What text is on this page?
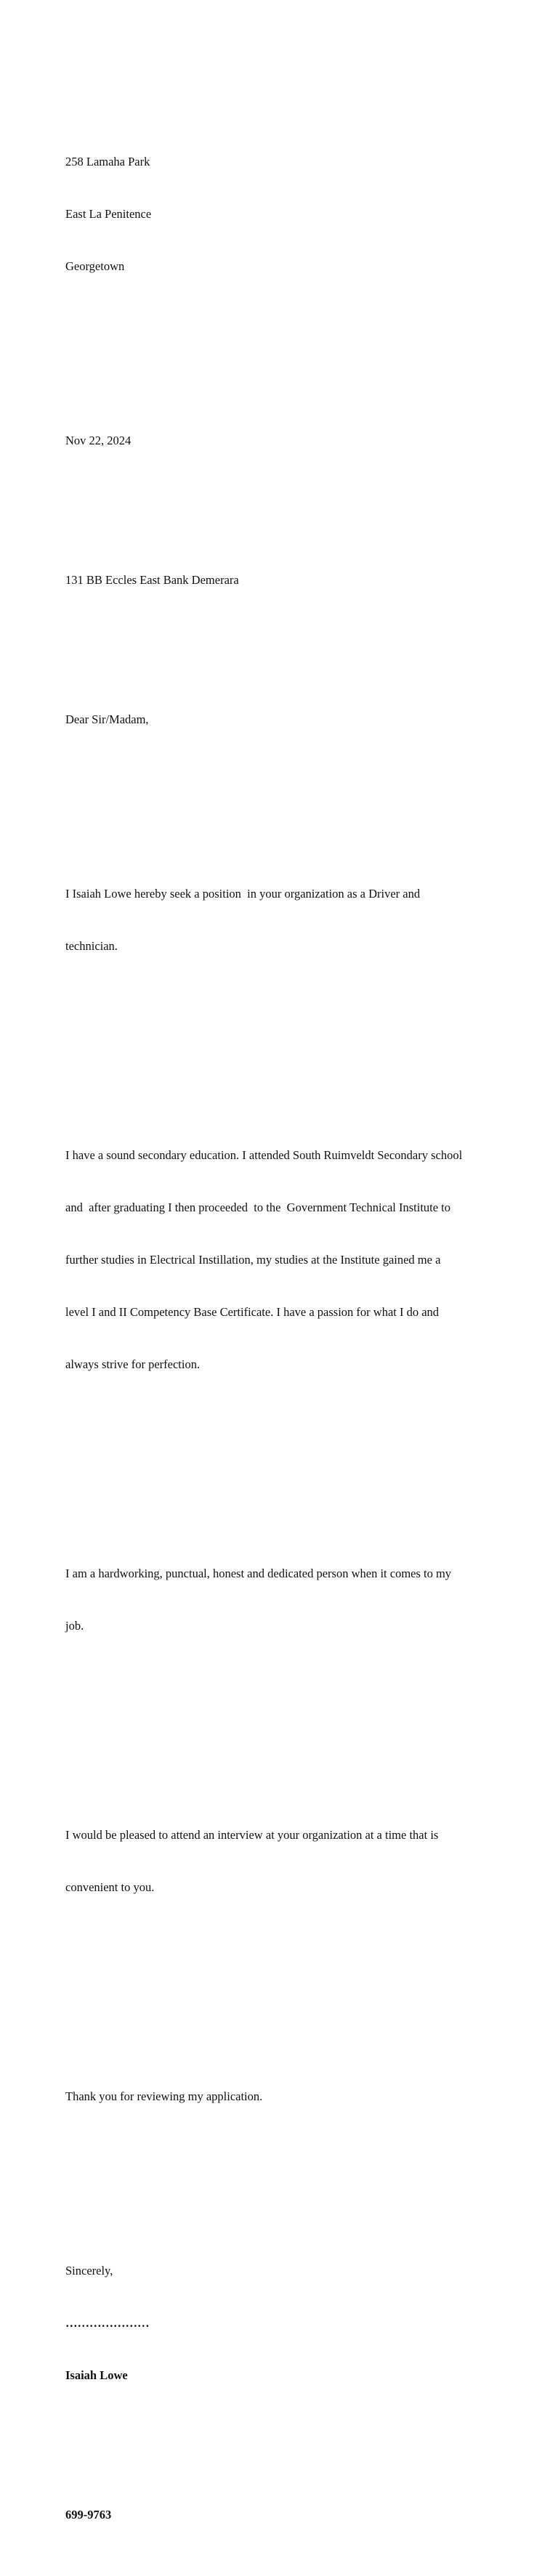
258 Lamaha Park

East La Penitence

Georgetown

Nov 22, 2024

131 BB Eccles East Bank Demerara

Dear Sir/Madam,

I Isaiah Lowe hereby seek a position  in your organization as a Driver and

technician.

I have a sound secondary education. I attended South Ruimveldt Secondary school

and  after graduating I then proceeded  to the  Government Technical Institute to

further studies in Electrical Instillation, my studies at the Institute gained me a

level I and II Competency Base Certificate. I have a passion for what I do and

always strive for perfection.

I am a hardworking, punctual, honest and dedicated person when it comes to my

job.

I would be pleased to attend an interview at your organization at a time that is

convenient to you.

Thank you for reviewing my application.

Sincerely,

…………………

Isaiah Lowe

699-9763
